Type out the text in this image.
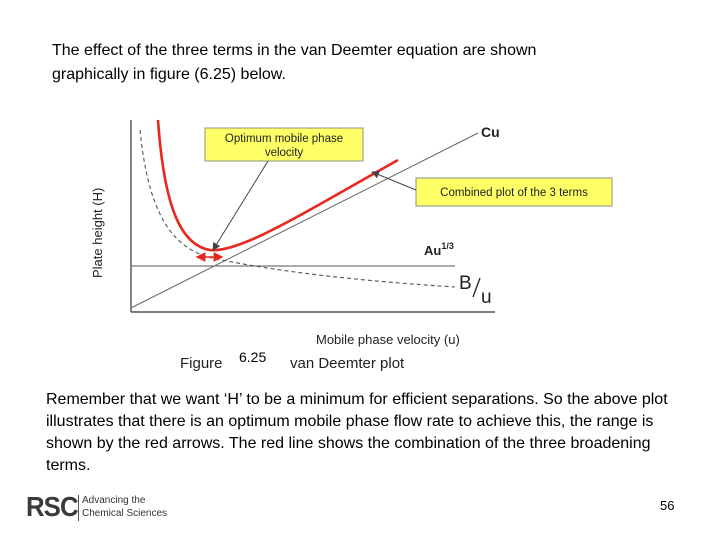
The effect of the three terms in the van Deemter equation are shown
graphically in figure (6.25) below.

Plate height (H)
Optimum mobile phase
velocity
Combined plot of the 3 terms
Cu
$Au^{1/3}$
B
u
Mobile phase velocity (u)
Figure 6.25 van Deemter plot

Remember that we want ‘H’ to be a minimum for efficient separations. So the above plot illustrates that there is an optimum mobile phase flow rate to achieve this, the range is shown by the red arrows. The red line shows the combination of the three broadening terms.

RSC Advancing the
Chemical Sciences
56
